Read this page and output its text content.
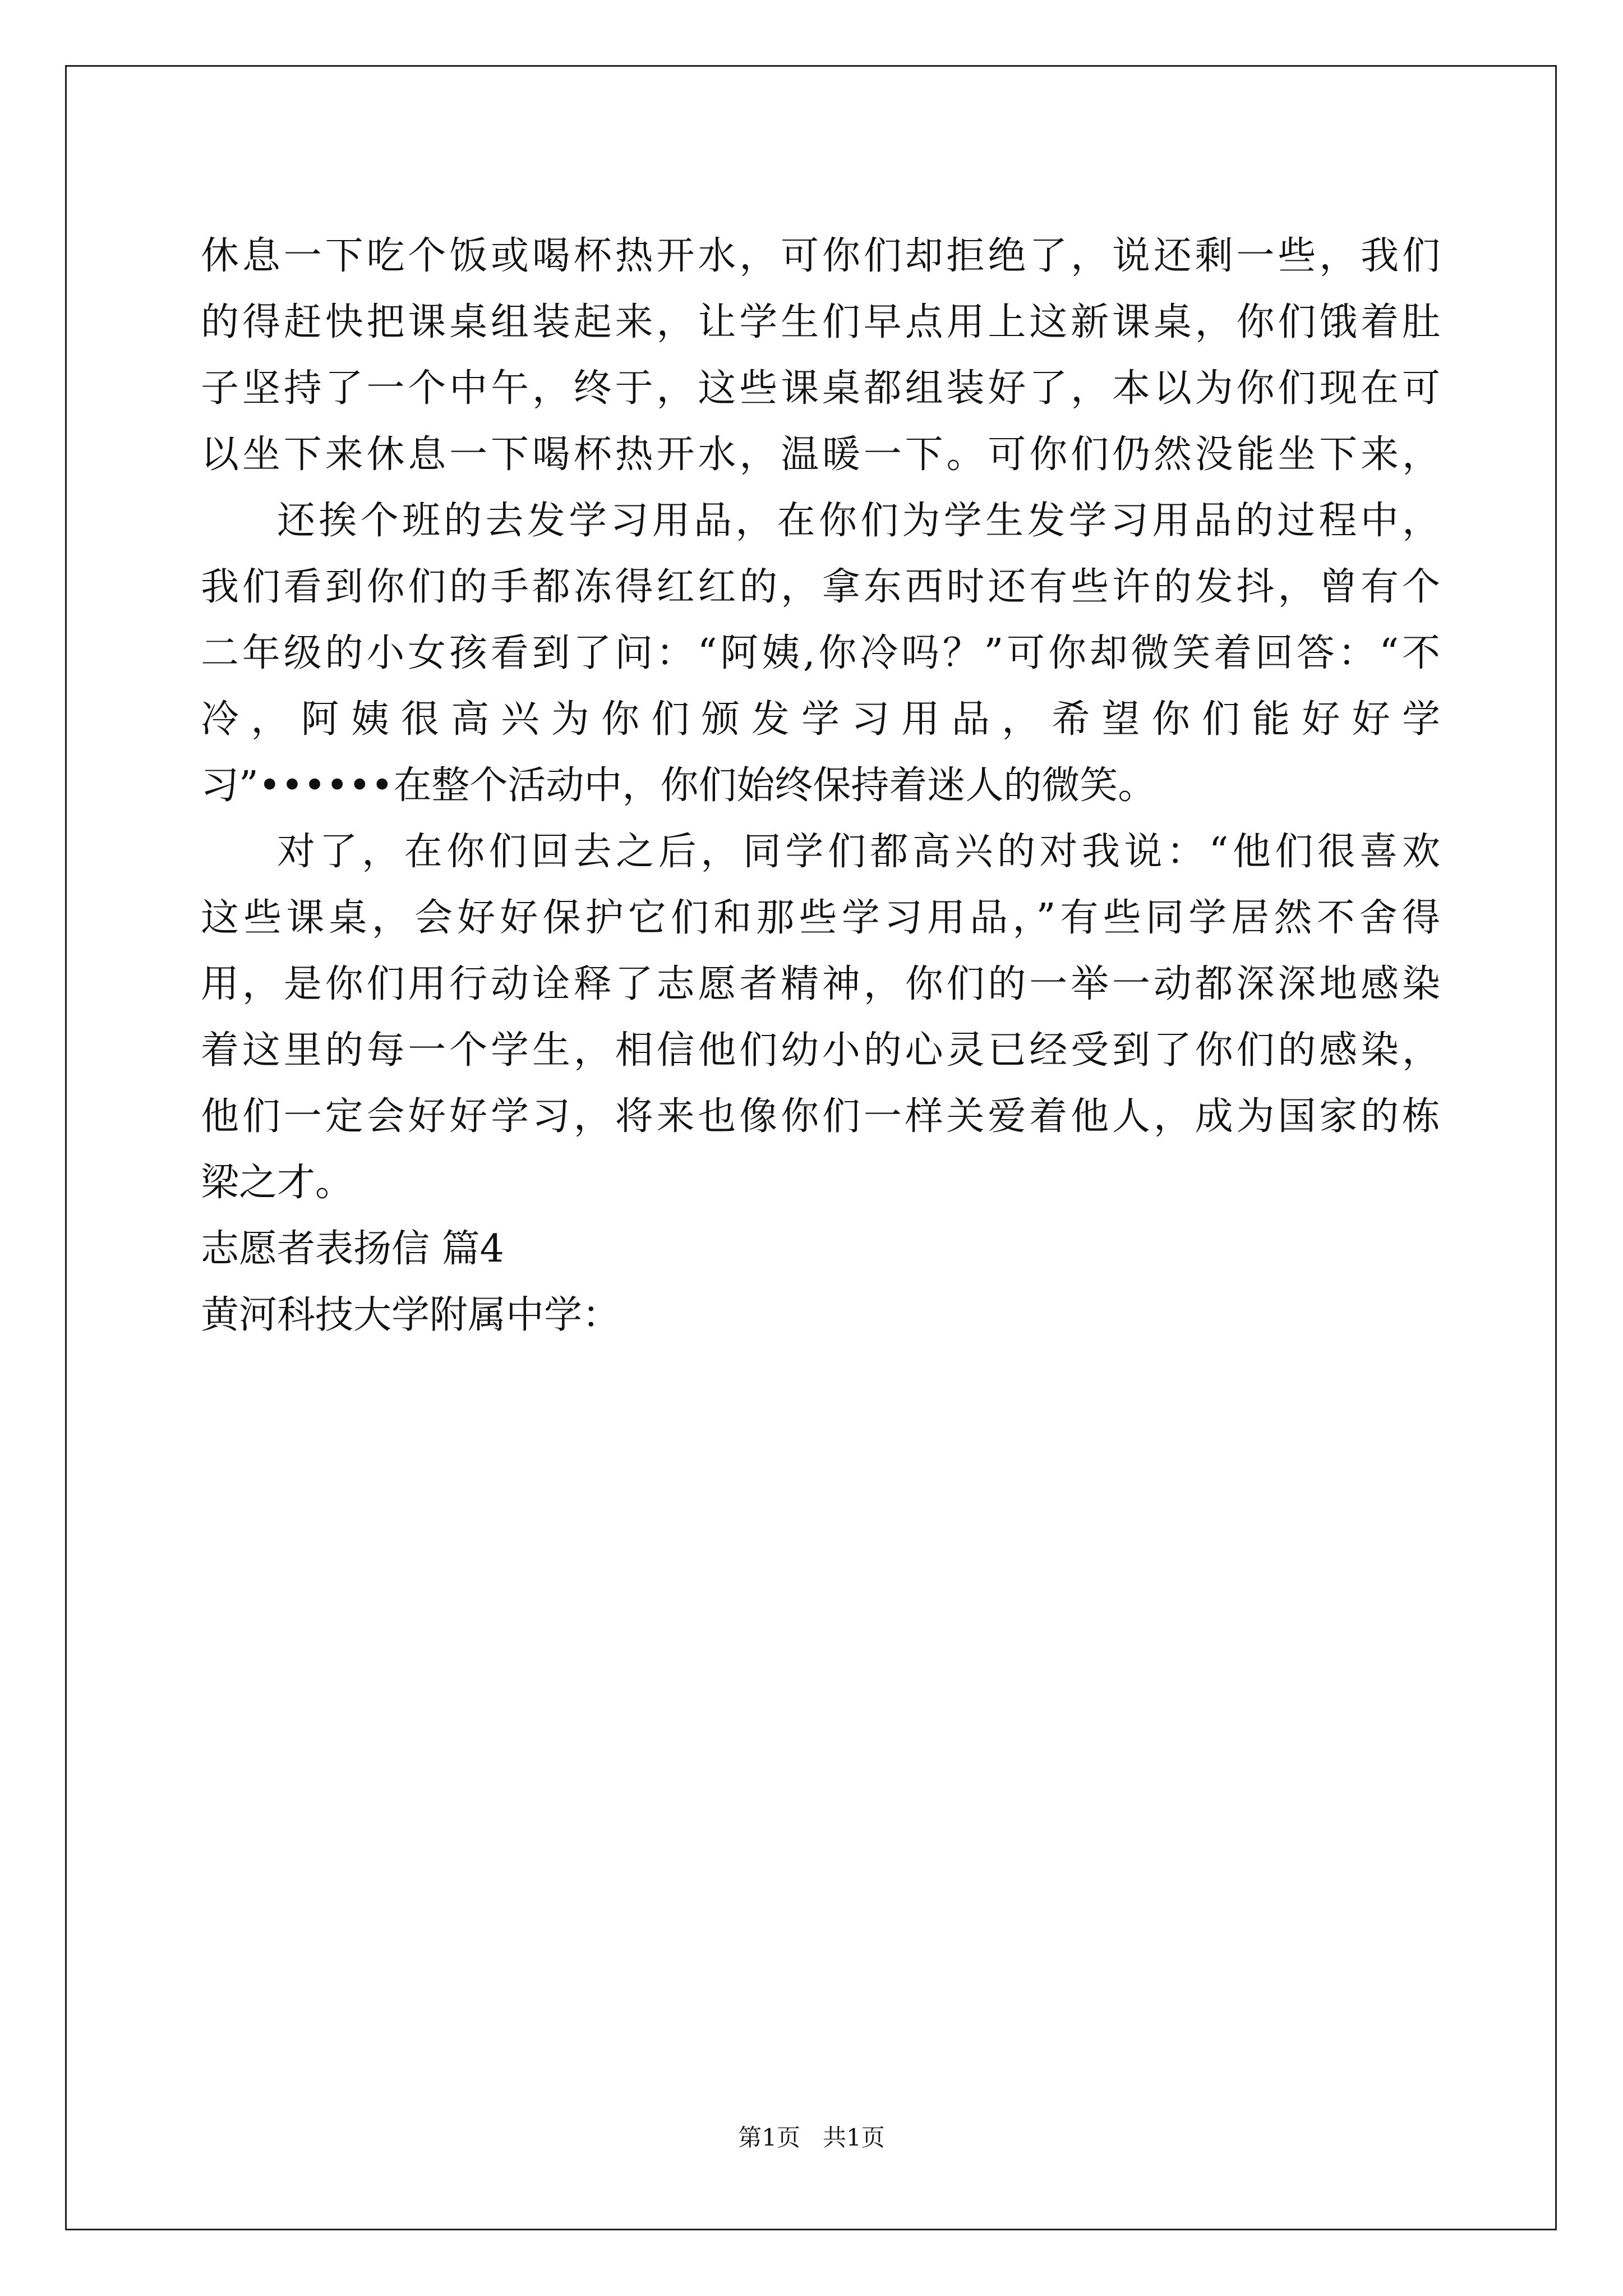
休息一下吃个饭或喝杯热开水，可你们却拒绝了，说还剩一些，我们

的得赶快把课桌组装起来，让学生们早点用上这新课桌，你们饿着肚

子坚持了一个中午，终于，这些课桌都组装好了，本以为你们现在可

以坐下来休息一下喝杯热开水，温暖一下。可你们仍然没能坐下来，

还挨个班的去发学习用品，在你们为学生发学习用品的过程中，

我们看到你们的手都冻得红红的，拿东西时还有些许的发抖，曾有个

二年级的小女孩看到了问：“阿姨,你冷吗？”可你却微笑着回答：“不

冷，阿姨很高兴为你们颁发学习用品，希望你们能好好学

习”••••••在整个活动中，你们始终保持着迷人的微笑。

对了，在你们回去之后，同学们都高兴的对我说：“他们很喜欢

这些课桌，会好好保护它们和那些学习用品，”有些同学居然不舍得

用，是你们用行动诠释了志愿者精神，你们的一举一动都深深地感染

着这里的每一个学生，相信他们幼小的心灵已经受到了你们的感染，

他们一定会好好学习，将来也像你们一样关爱着他人，成为国家的栋

梁之才。

志愿者表扬信 篇4

黄河科技大学附属中学：

第1页 共1页
